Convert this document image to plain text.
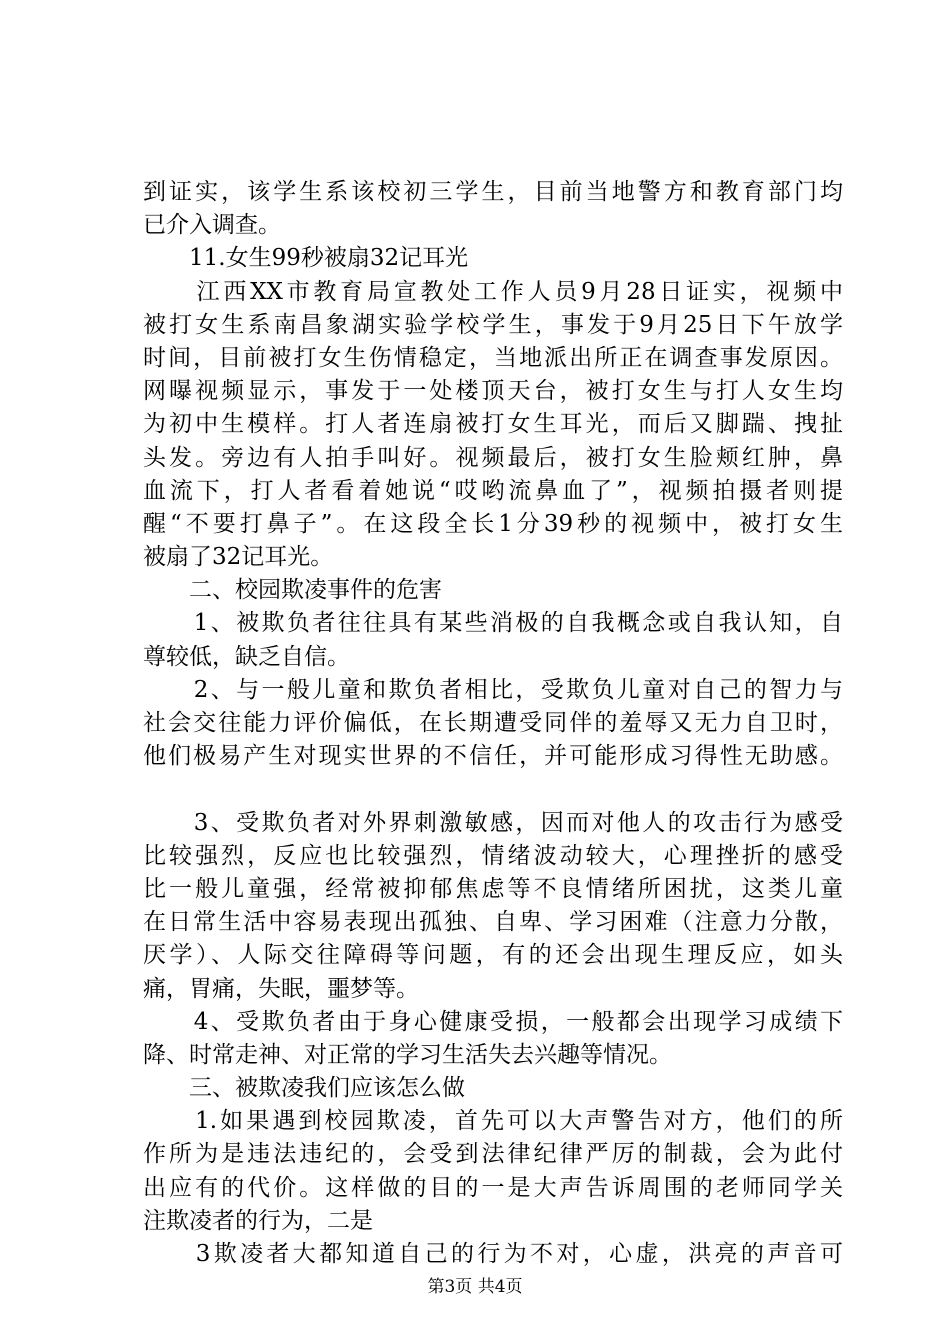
到证实，该学生系该校初三学生，目前当地警方和教育部门均
已介入调查。
　　11.女生99秒被扇32记耳光
　　江西XX市教育局宣教处工作人员9月28日证实，视频中
被打女生系南昌象湖实验学校学生，事发于9月25日下午放学
时间，目前被打女生伤情稳定，当地派出所正在调查事发原因。
网曝视频显示，事发于一处楼顶天台，被打女生与打人女生均
为初中生模样。打人者连扇被打女生耳光，而后又脚踹、拽扯
头发。旁边有人拍手叫好。视频最后，被打女生脸颊红肿，鼻
血流下，打人者看着她说“哎哟流鼻血了”，视频拍摄者则提
醒“不要打鼻子”。在这段全长1分39秒的视频中，被打女生
被扇了32记耳光。
　　二、校园欺凌事件的危害
　　1、被欺负者往往具有某些消极的自我概念或自我认知，自
尊较低，缺乏自信。
　　2、与一般儿童和欺负者相比，受欺负儿童对自己的智力与
社会交往能力评价偏低，在长期遭受同伴的羞辱又无力自卫时，
他们极易产生对现实世界的不信任，并可能形成习得性无助感。
　　3、受欺负者对外界刺激敏感，因而对他人的攻击行为感受
比较强烈，反应也比较强烈，情绪波动较大，心理挫折的感受
比一般儿童强，经常被抑郁焦虑等不良情绪所困扰，这类儿童
在日常生活中容易表现出孤独、自卑、学习困难（注意力分散，
厌学）、人际交往障碍等问题，有的还会出现生理反应，如头
痛，胃痛，失眠，噩梦等。
　　4、受欺负者由于身心健康受损，一般都会出现学习成绩下
降、时常走神、对正常的学习生活失去兴趣等情况。
　　三、被欺凌我们应该怎么做
　　1.如果遇到校园欺凌，首先可以大声警告对方，他们的所
作所为是违法违纪的，会受到法律纪律严厉的制裁，会为此付
出应有的代价。这样做的目的一是大声告诉周围的老师同学关
注欺凌者的行为，二是
　　3欺凌者大都知道自己的行为不对，心虚，洪亮的声音可
第3页 共4页
